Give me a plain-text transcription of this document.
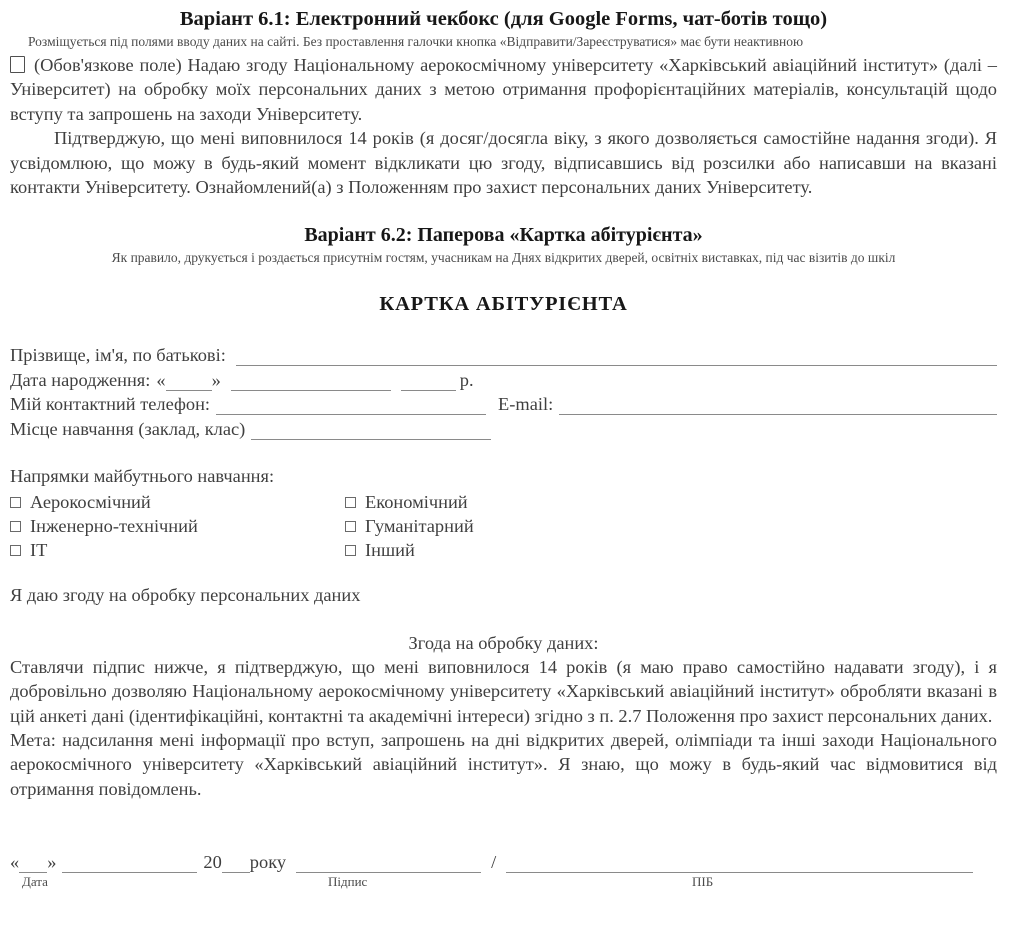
Варіант 6.1: Електронний чекбокс (для Google Forms, чат-ботів тощо)
Розміщується під полями вводу даних на сайті. Без проставлення галочки кнопка «Відправити/Зареєструватися» має бути неактивною

(Обов'язкове поле) Надаю згоду Національному аерокосмічному університету «Харківський авіаційний інститут» (далі – Університет) на обробку моїх персональних даних з метою отримання профорієнтаційних матеріалів, консультацій щодо вступу та запрошень на заходи Університету.

Підтверджую, що мені виповнилося 14 років (я досяг/досягла віку, з якого дозволяється самостійне надання згоди). Я усвідомлюю, що можу в будь-який момент відкликати цю згоду, відписавшись від розсилки або написавши на вказані контакти Університету. Ознайомлений(а) з Положенням про захист персональних даних Університету.

Варіант 6.2: Паперова «Картка абітурієнта»
Як правило, друкується і роздається присутнім гостям, учасникам на Днях відкритих дверей, освітніх виставках, під час візитів до шкіл
КАРТКА АБІТУРІЄНТА
Прізвище, ім'я, по батькові:
Дата народження: «	»	р.
Мій контактний телефон:	E-mail:
Місце навчання (заклад, клас)
Напрямки майбутнього навчання:
Аерокосмічний
Інженерно-технічний
ІТ
Економічний
Гуманітарний
Інший
Я даю згоду на обробку персональних даних
Згода на обробку даних:

Ставлячи підпис нижче, я підтверджую, що мені виповнилося 14 років (я маю право самостійно надавати згоду), і я добровільно дозволяю Національному аерокосмічному університету «Харківський авіаційний інститут» обробляти вказані в цій анкеті дані (ідентифікаційні, контактні та академічні інтереси) згідно з п. 2.7 Положення про захист персональних даних.

Мета: надсилання мені інформації про вступ, запрошень на дні відкритих дверей, олімпіади та інші заходи Національного аерокосмічного університету «Харківський авіаційний інститут». Я знаю, що можу в будь-який час відмовитися від отримання повідомлень.

« »	20 року	/
Дата	Підпис	ПІБ
